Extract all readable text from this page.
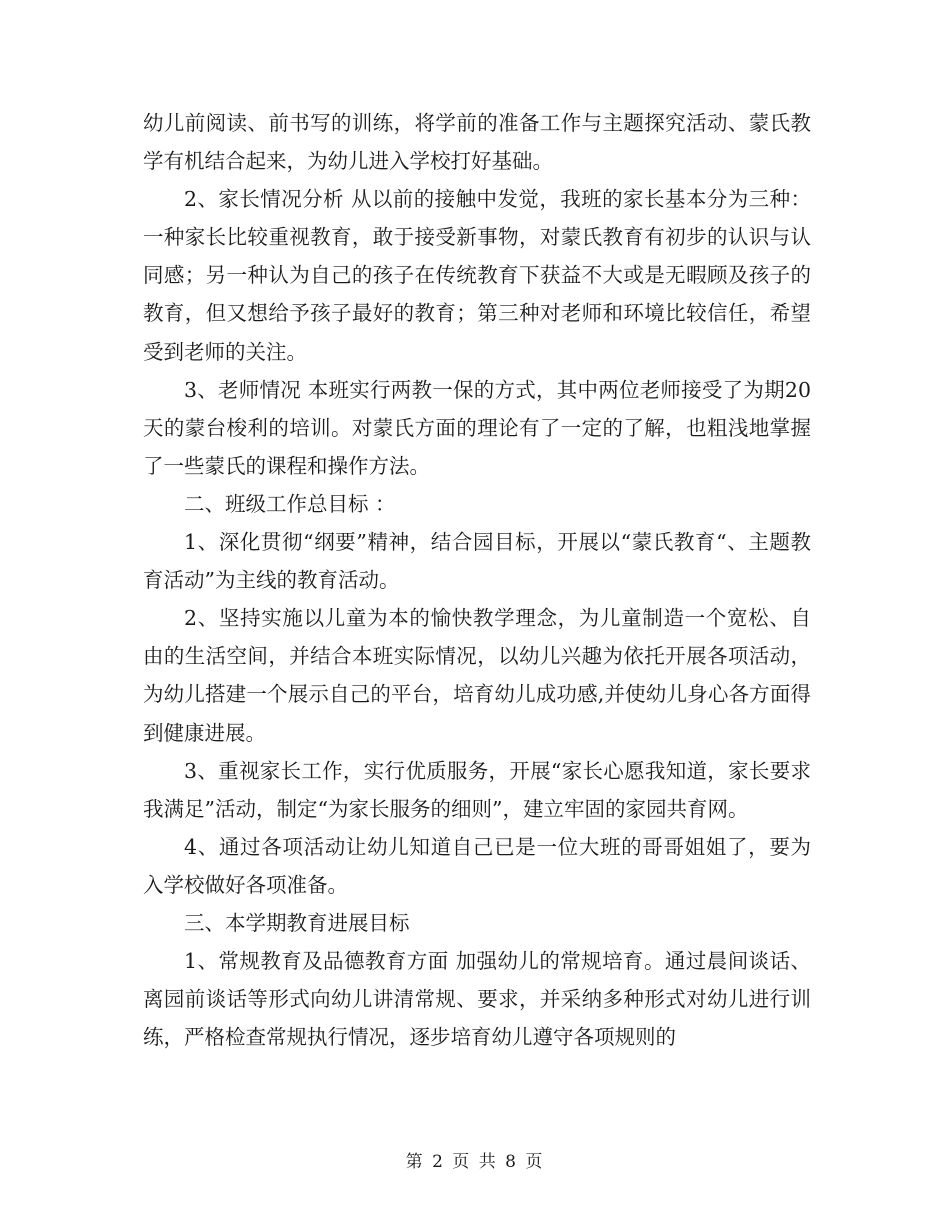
幼儿前阅读、前书写的训练，将学前的准备工作与主题探究活动、蒙氏教学有机结合起来，为幼儿进入学校打好基础。

2、家长情况分析 从以前的接触中发觉，我班的家长基本分为三种：一种家长比较重视教育，敢于接受新事物，对蒙氏教育有初步的认识与认同感；另一种认为自己的孩子在传统教育下获益不大或是无暇顾及孩子的教育，但又想给予孩子最好的教育；第三种对老师和环境比较信任，希望受到老师的关注。

3、老师情况 本班实行两教一保的方式，其中两位老师接受了为期20天的蒙台梭利的培训。对蒙氏方面的理论有了一定的了解，也粗浅地掌握了一些蒙氏的课程和操作方法。

二、班级工作总目标 ：

1、深化贯彻“纲要”精神，结合园目标，开展以“蒙氏教育“、主题教育活动”为主线的教育活动。

2、坚持实施以儿童为本的愉快教学理念，为儿童制造一个宽松、自由的生活空间，并结合本班实际情况，以幼儿兴趣为依托开展各项活动，为幼儿搭建一个展示自己的平台，培育幼儿成功感,并使幼儿身心各方面得到健康进展。

3、重视家长工作，实行优质服务，开展“家长心愿我知道，家长要求我满足”活动，制定“为家长服务的细则”，建立牢固的家园共育网。

4、通过各项活动让幼儿知道自己已是一位大班的哥哥姐姐了，要为入学校做好各项准备。

三、本学期教育进展目标

1、常规教育及品德教育方面 加强幼儿的常规培育。通过晨间谈话、离园前谈话等形式向幼儿讲清常规、要求，并采纳多种形式对幼儿进行训练，严格检查常规执行情况，逐步培育幼儿遵守各项规则的

第 2 页 共 8 页
